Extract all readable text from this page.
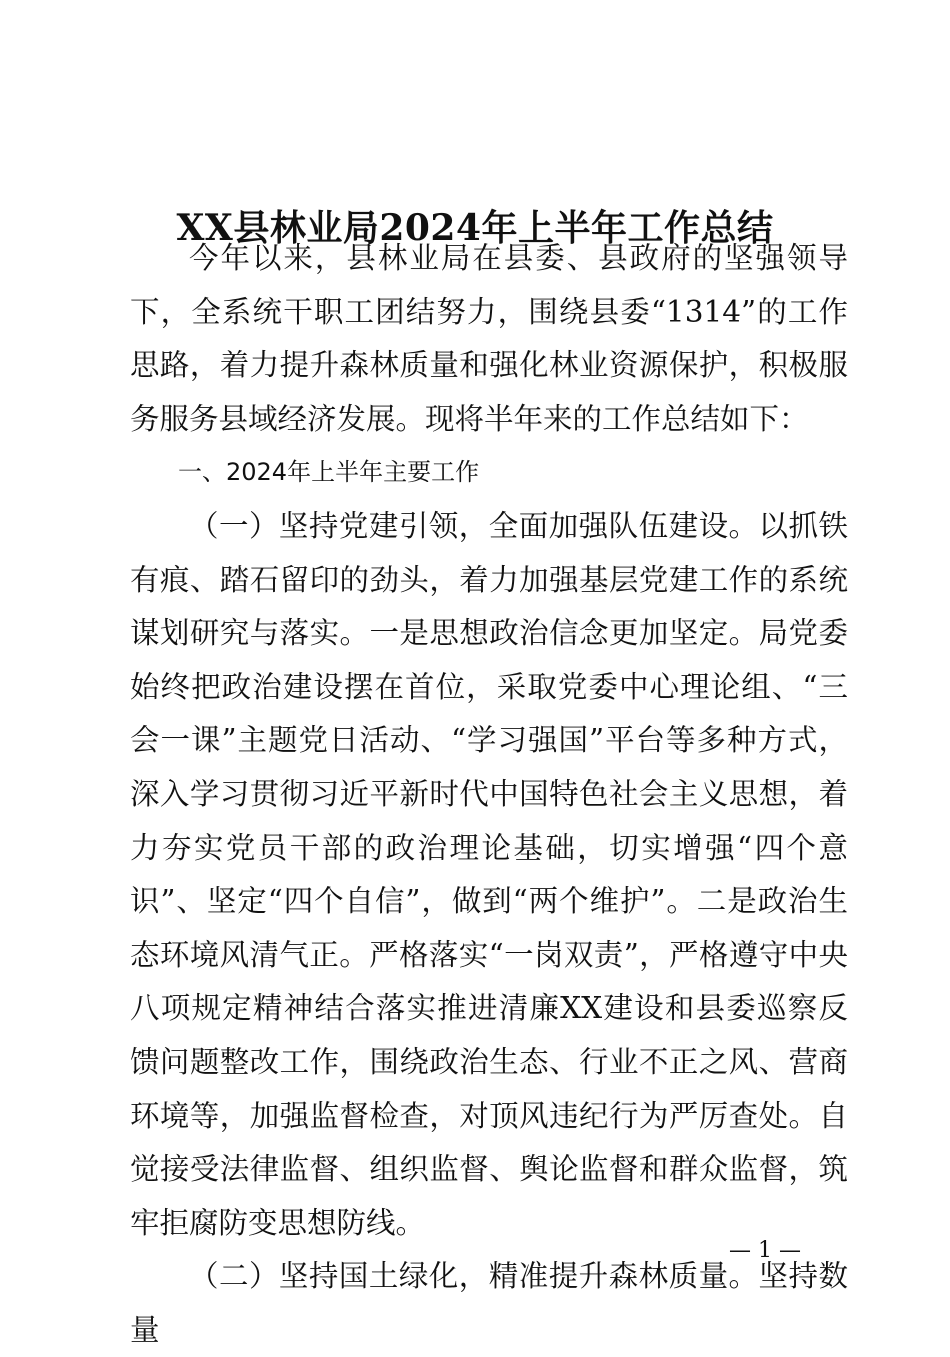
XX县林业局2024年上半年工作总结

今年以来，县林业局在县委、县政府的坚强领导下，全系统干职工团结努力，围绕县委“1314”的工作思路，着力提升森林质量和强化林业资源保护，积极服务服务县域经济发展。现将半年来的工作总结如下：

一、2024年上半年主要工作

（一）坚持党建引领，全面加强队伍建设。以抓铁有痕、踏石留印的劲头，着力加强基层党建工作的系统谋划研究与落实。一是思想政治信念更加坚定。局党委始终把政治建设摆在首位，采取党委中心理论组、“三会一课”主题党日活动、“学习强国”平台等多种方式，深入学习贯彻习近平新时代中国特色社会主义思想，着力夯实党员干部的政治理论基础，切实增强“四个意识”、坚定“四个自信”，做到“两个维护”。二是政治生态环境风清气正。严格落实“一岗双责”，严格遵守中央八项规定精神结合落实推进清廉XX建设和县委巡察反馈问题整改工作，围绕政治生态、行业不正之风、营商环境等，加强监督检查，对顶风违纪行为严厉查处。自觉接受法律监督、组织监督、舆论监督和群众监督，筑牢拒腐防变思想防线。

（二）坚持国土绿化，精准提升森林质量。坚持数量

— 1 —
